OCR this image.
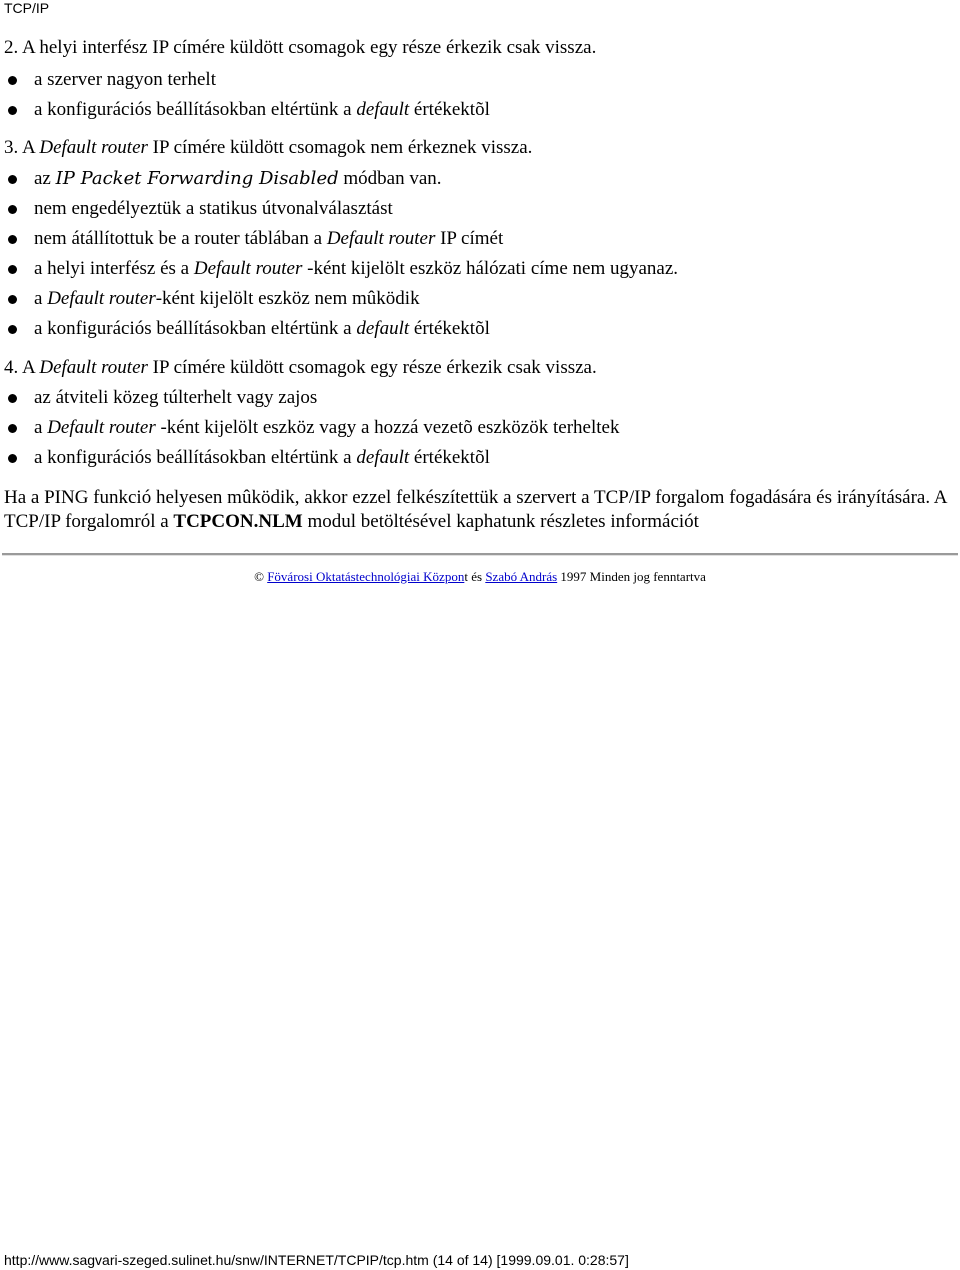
TCP/IP
2. A helyi interfész IP címére küldött csomagok egy része érkezik csak vissza.
a szerver nagyon terhelt
a konfigurációs beállításokban eltértünk a default értékektõl
3. A Default router IP címére küldött csomagok nem érkeznek vissza.
az IP Packet Forwarding Disabled módban van.
nem engedélyeztük a statikus útvonalválasztást
nem átállítottuk be a router táblában a Default router IP címét
a helyi interfész és a Default router -ként kijelölt eszköz hálózati címe nem ugyanaz.
a Default router-ként kijelölt eszköz nem mûködik
a konfigurációs beállításokban eltértünk a default értékektõl
4. A Default router IP címére küldött csomagok egy része érkezik csak vissza.
az átviteli közeg túlterhelt vagy zajos
a Default router -ként kijelölt eszköz vagy a hozzá vezetõ eszközök terheltek
a konfigurációs beállításokban eltértünk a default értékektõl
Ha a PING funkció helyesen mûködik, akkor ezzel felkészítettük a szervert a TCP/IP forgalom fogadására és irányítására. A TCP/IP forgalomról a TCPCON.NLM modul betöltésével kaphatunk részletes információt
© Fövárosi Oktatástechnológiai Központ és Szabó András 1997 Minden jog fenntartva
http://www.sagvari-szeged.sulinet.hu/snw/INTERNET/TCPIP/tcp.htm (14 of 14) [1999.09.01. 0:28:57]
